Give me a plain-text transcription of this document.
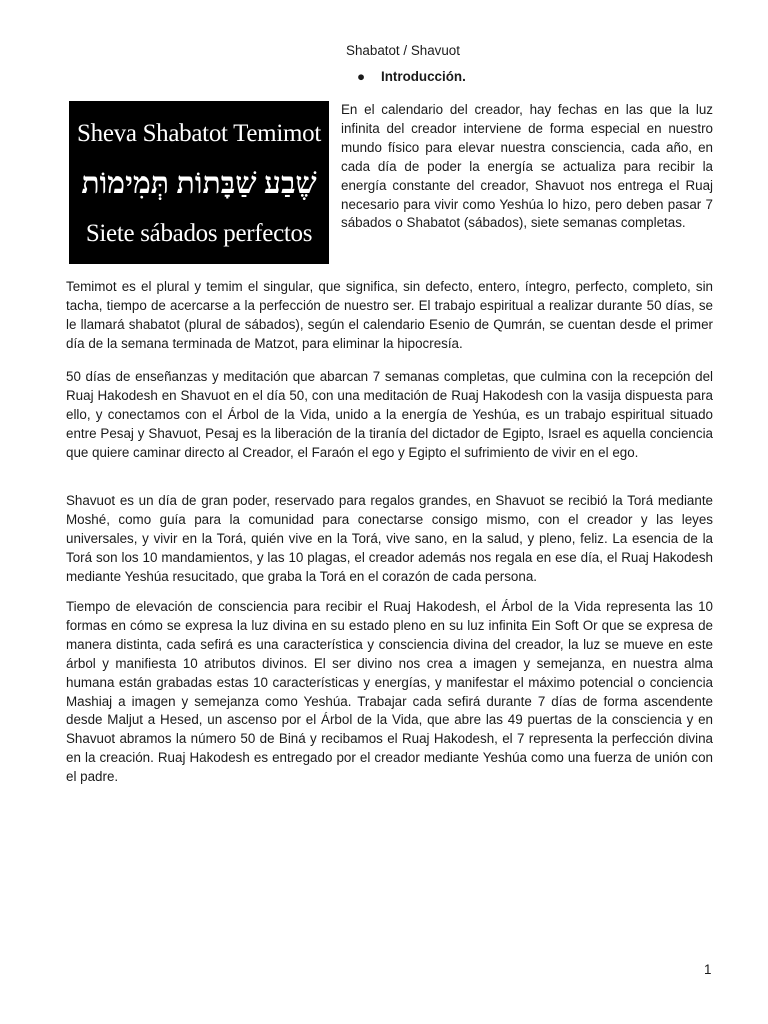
Shabatot / Shavuot
● Introducción.
Sheva Shabatot Temimot
שֶׁבַע שַׁבָּתוֹת תְּמִימוֹת
Siete sábados perfectos

En el calendario del creador, hay fechas en las que la luz infinita del creador interviene de forma especial en nuestro mundo físico para elevar nuestra consciencia, cada año, en cada día de poder la energía se actualiza para recibir la energía constante del creador, Shavuot nos entrega el Ruaj necesario para vivir como Yeshúa lo hizo, pero deben pasar 7 sábados o Shabatot (sábados), siete semanas completas.

Temimot es el plural y temim el singular, que significa, sin defecto, entero, íntegro, perfecto, completo, sin tacha, tiempo de acercarse a la perfección de nuestro ser. El trabajo espiritual a realizar durante 50 días, se le llamará shabatot (plural de sábados), según el calendario Esenio de Qumrán, se cuentan desde el primer día de la semana terminada de Matzot, para eliminar la hipocresía.

50 días de enseñanzas y meditación que abarcan 7 semanas completas, que culmina con la recepción del Ruaj Hakodesh en Shavuot en el día 50, con una meditación de Ruaj Hakodesh con la vasija dispuesta para ello, y conectamos con el Árbol de la Vida, unido a la energía de Yeshúa, es un trabajo espiritual situado entre Pesaj y Shavuot, Pesaj es la liberación de la tiranía del dictador de Egipto, Israel es aquella conciencia que quiere caminar directo al Creador, el Faraón el ego y Egipto el sufrimiento de vivir en el ego.

Shavuot es un día de gran poder, reservado para regalos grandes, en Shavuot se recibió la Torá mediante Moshé, como guía para la comunidad para conectarse consigo mismo, con el creador y las leyes universales, y vivir en la Torá, quién vive en la Torá, vive sano, en la salud, y pleno, feliz. La esencia de la Torá son los 10 mandamientos, y las 10 plagas, el creador además nos regala en ese día, el Ruaj Hakodesh mediante Yeshúa resucitado, que graba la Torá en el corazón de cada persona.

Tiempo de elevación de consciencia para recibir el Ruaj Hakodesh, el Árbol de la Vida representa las 10 formas en cómo se expresa la luz divina en su estado pleno en su luz infinita Ein Soft Or que se expresa de manera distinta, cada sefirá es una característica y consciencia divina del creador, la luz se mueve en este árbol y manifiesta 10 atributos divinos. El ser divino nos crea a imagen y semejanza, en nuestra alma humana están grabadas estas 10 características y energías, y manifestar el máximo potencial o conciencia Mashiaj a imagen y semejanza como Yeshúa. Trabajar cada sefirá durante 7 días de forma ascendente desde Maljut a Hesed, un ascenso por el Árbol de la Vida, que abre las 49 puertas de la consciencia y en Shavuot abramos la número 50 de Biná y recibamos el Ruaj Hakodesh, el 7 representa la perfección divina en la creación. Ruaj Hakodesh es entregado por el creador mediante Yeshúa como una fuerza de unión con el padre.

1
